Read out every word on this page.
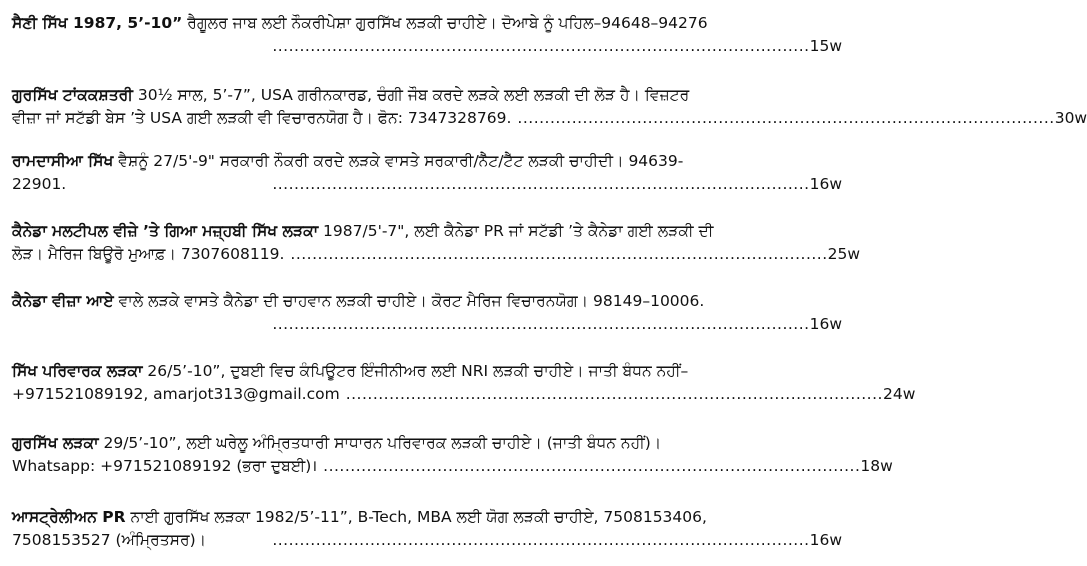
ਸੈਣੀ ਸਿੱਖ 1987, 5’-10” ਰੈਗੂਲਰ ਜਾਬ ਲਈ ਨੌਕਰੀਪੇਸ਼ਾ ਗੁਰਸਿੱਖ ਲੜਕੀ ਚਾਹੀਏ। ਦੋਆਬੇ ਨੂੰ ਪਹਿਲ–94648–94276
................................................................................................... 15w
ਗੁਰਸਿੱਖ ਟਾਂਕਕਸ਼ਤਰੀ 30½ ਸਾਲ, 5’-7”, USA ਗਰੀਨਕਾਰਡ, ਚੰਗੀ ਜੌਬ ਕਰਦੇ ਲੜਕੇ ਲਈ ਲੜਕੀ ਦੀ ਲੋੜ ਹੈ। ਵਿਜ਼ਟਰ
ਵੀਜ਼ਾ ਜਾਂ ਸਟੱਡੀ ਬੇਸ ’ਤੇ USA ਗਈ ਲੜਕੀ ਵੀ ਵਿਚਾਰਨਯੋਗ ਹੈ। ਫੋਨ: 7347328769. ................................................................................................... 30w
ਰਾਮਦਾਸੀਆ ਸਿੱਖ ਵੈਸ਼ਨੂੰ 27/5'-9" ਸਰਕਾਰੀ ਨੌਕਰੀ ਕਰਦੇ ਲੜਕੇ ਵਾਸਤੇ ਸਰਕਾਰੀ/ਨੈੱਟ/ਟੈੱਟ ਲੜਕੀ ਚਾਹੀਦੀ। 94639-
22901.	................................................................................................... 16w
ਕੈਨੇਡਾ ਮਲਟੀਪਲ ਵੀਜ਼ੇ ’ਤੇ ਗਿਆ ਮਜ਼੍ਹਬੀ ਸਿੱਖ ਲੜਕਾ 1987/5'-7", ਲਈ ਕੈਨੇਡਾ PR ਜਾਂ ਸਟੱਡੀ ’ਤੇ ਕੈਨੇਡਾ ਗਈ ਲੜਕੀ ਦੀ
ਲੋੜ। ਮੈਰਿਜ ਬਿਊਰੋ ਮੁਆਫ਼। 7307608119. ................................................................................................... 25w
ਕੈਨੇਡਾ ਵੀਜ਼ਾ ਆਏ ਵਾਲੇ ਲੜਕੇ ਵਾਸਤੇ ਕੈਨੇਡਾ ਦੀ ਚਾਹਵਾਨ ਲੜਕੀ ਚਾਹੀਏ। ਕੋਰਟ ਮੈਰਿਜ ਵਿਚਾਰਨਯੋਗ। 98149–10006.
................................................................................................... 16w
ਸਿੱਖ ਪਰਿਵਾਰਕ ਲੜਕਾ 26/5’-10”, ਦੁਬਈ ਵਿਚ ਕੰਪਿਊਟਰ ਇੰਜੀਨੀਅਰ ਲਈ NRI ਲੜਕੀ ਚਾਹੀਏ। ਜਾਤੀ ਬੰਧਨ ਨਹੀਂ–
+971521089192, amarjot313@gmail.com ................................................................................................... 24w
ਗੁਰਸਿੱਖ ਲੜਕਾ 29/5’-10”, ਲਈ ਘਰੇਲੂ ਅੰਮ੍ਰਿਤਧਾਰੀ ਸਾਧਾਰਨ ਪਰਿਵਾਰਕ ਲੜਕੀ ਚਾਹੀਏ। (ਜਾਤੀ ਬੰਧਨ ਨਹੀਂ)।
Whatsapp: +971521089192 (ਭਰਾ ਦੁਬਈ)। ................................................................................................... 18w
ਆਸਟ੍ਰੇਲੀਅਨ PR ਨਾਈ ਗੁਰਸਿੱਖ ਲੜਕਾ 1982/5’-11”, B-Tech, MBA ਲਈ ਯੋਗ ਲੜਕੀ ਚਾਹੀਏ, 7508153406,
7508153527 (ਅੰਮ੍ਰਿਤਸਰ)।	................................................................................................... 16w
